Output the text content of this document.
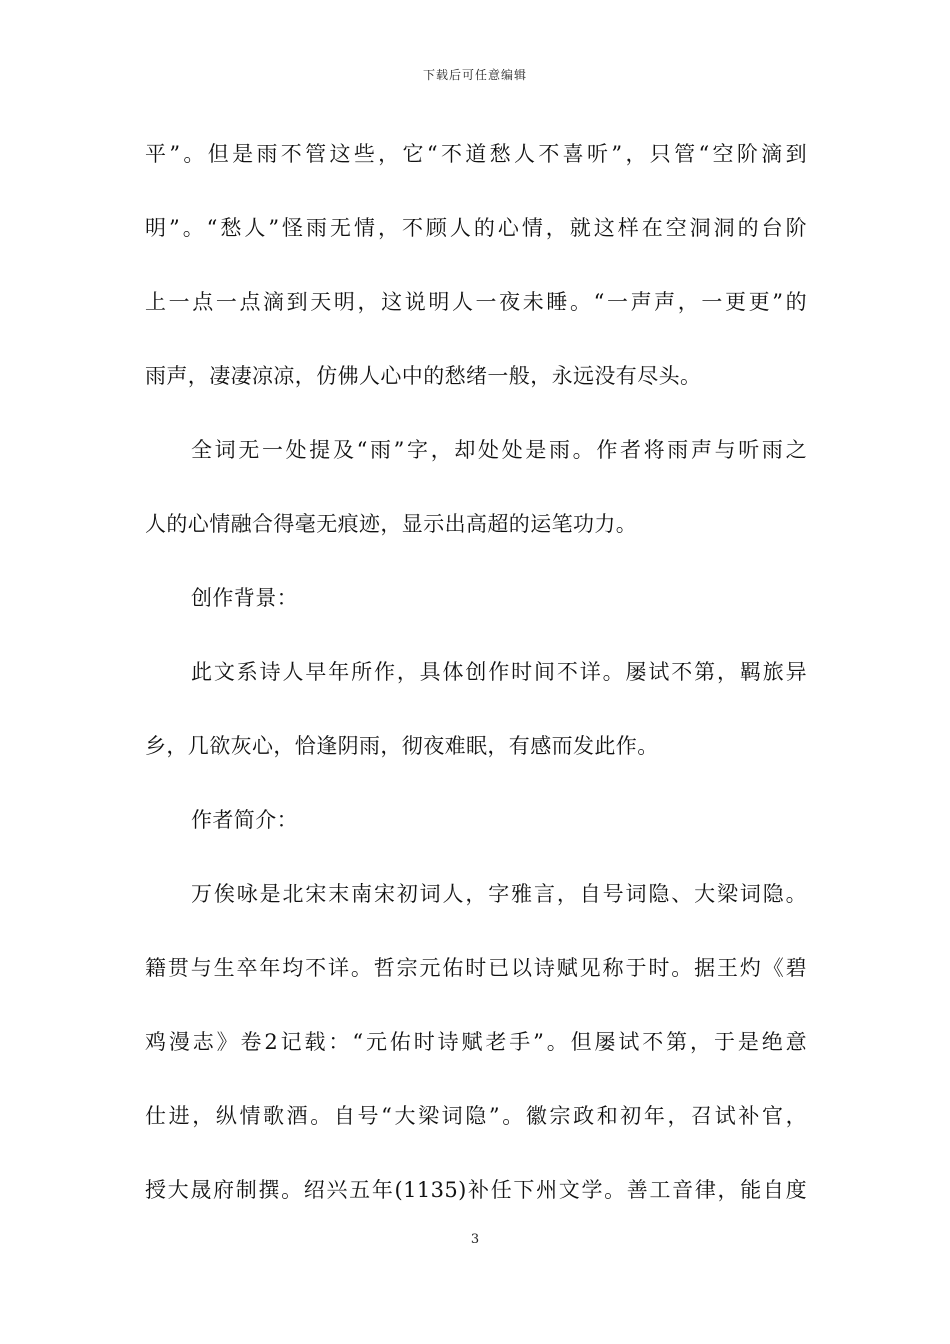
下载后可任意编辑
平”。但是雨不管这些，它“不道愁人不喜听”，只管“空阶滴到
明”。“愁人”怪雨无情，不顾人的心情，就这样在空洞洞的台阶
上一点一点滴到天明，这说明人一夜未睡。“一声声，一更更”的
雨声，凄凄凉凉，仿佛人心中的愁绪一般，永远没有尽头。
全词无一处提及“雨”字，却处处是雨。作者将雨声与听雨之
人的心情融合得毫无痕迹，显示出高超的运笔功力。
创作背景：
此文系诗人早年所作，具体创作时间不详。屡试不第，羁旅异
乡，几欲灰心，恰逢阴雨，彻夜难眠，有感而发此作。
作者简介：
万俟咏是北宋末南宋初词人，字雅言，自号词隐、大梁词隐。
籍贯与生卒年均不详。哲宗元佑时已以诗赋见称于时。据王灼《碧
鸡漫志》卷2记载：“元佑时诗赋老手”。但屡试不第，于是绝意
仕进，纵情歌酒。自号“大梁词隐”。徽宗政和初年，召试补官，
授大晟府制撰。绍兴五年(1135)补任下州文学。善工音律，能自度
3
